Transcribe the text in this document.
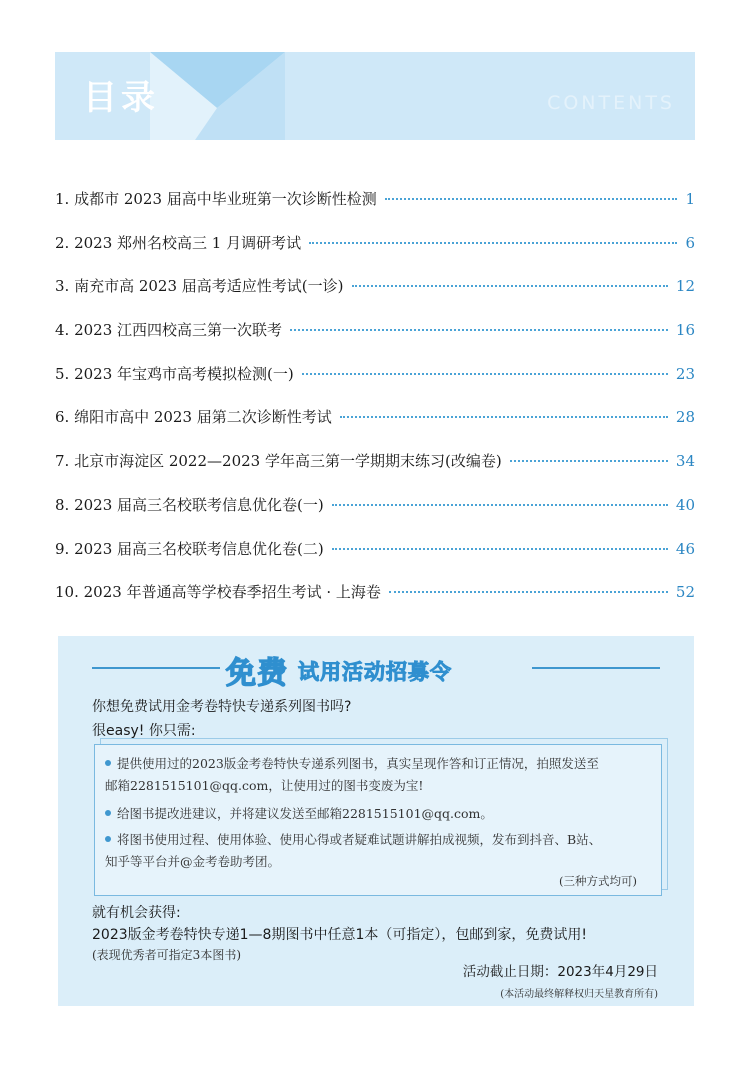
目录	CONTENTS
1. 成都市 2023 届高中毕业班第一次诊断性检测	1
2. 2023 郑州名校高三 1 月调研考试	6
3. 南充市高 2023 届高考适应性考试(一诊)	12
4. 2023 江西四校高三第一次联考	16
5. 2023 年宝鸡市高考模拟检测(一)	23
6. 绵阳市高中 2023 届第二次诊断性考试	28
7. 北京市海淀区 2022—2023 学年高三第一学期期末练习(改编卷)	34
8. 2023 届高三名校联考信息优化卷(一)	40
9. 2023 届高三名校联考信息优化卷(二)	46
10. 2023 年普通高等学校春季招生考试 · 上海卷	52
免费 试用活动招募令
你想免费试用金考卷特快专递系列图书吗?
很easy! 你只需:
提供使用过的2023版金考卷特快专递系列图书，真实呈现作答和订正情况，拍照发送至
邮箱2281515101@qq.com，让使用过的图书变废为宝!
给图书提改进建议，并将建议发送至邮箱2281515101@qq.com。
将图书使用过程、使用体验、使用心得或者疑难试题讲解拍成视频，发布到抖音、B站、
知乎等平台并@金考卷助考团。
(三种方式均可)
就有机会获得:
2023版金考卷特快专递1—8期图书中任意1本（可指定），包邮到家，免费试用!
(表现优秀者可指定3本图书)
活动截止日期：2023年4月29日
(本活动最终解释权归天星教育所有)
